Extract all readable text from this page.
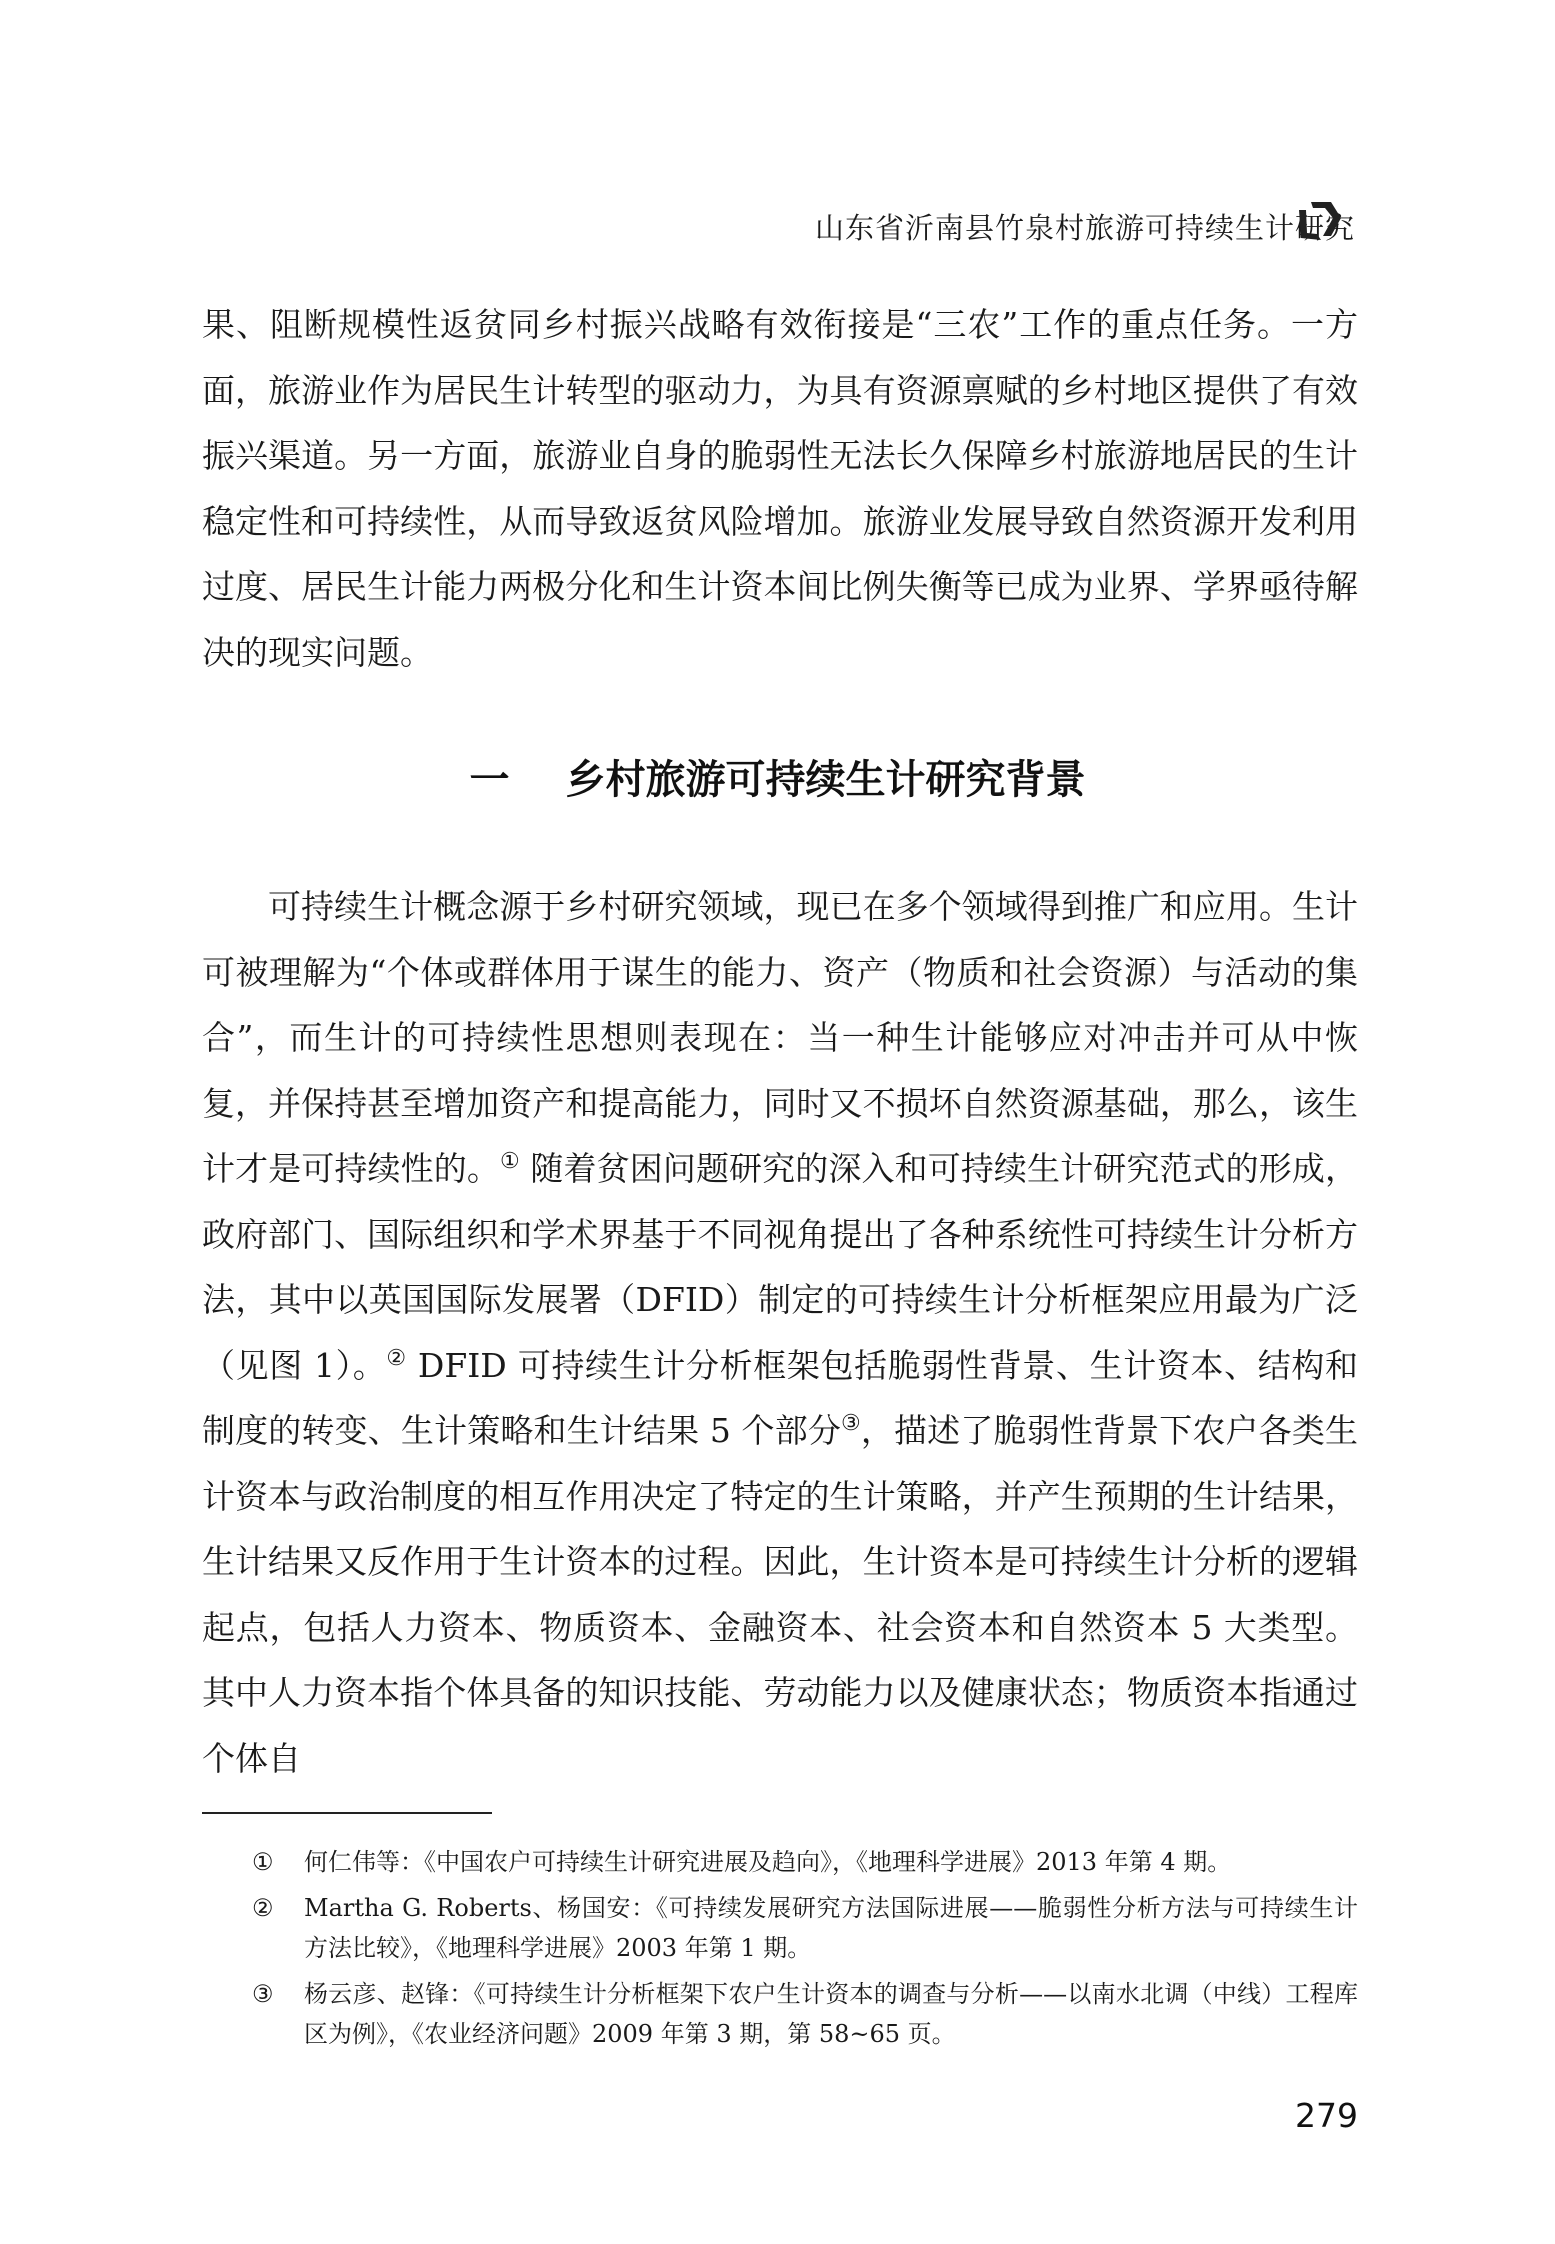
山东省沂南县竹泉村旅游可持续生计研究
果、阻断规模性返贫同乡村振兴战略有效衔接是“三农”工作的重点任务。一方面，旅游业作为居民生计转型的驱动力，为具有资源禀赋的乡村地区提供了有效振兴渠道。另一方面，旅游业自身的脆弱性无法长久保障乡村旅游地居民的生计稳定性和可持续性，从而导致返贫风险增加。旅游业发展导致自然资源开发利用过度、居民生计能力两极分化和生计资本间比例失衡等已成为业界、学界亟待解决的现实问题。
一 乡村旅游可持续生计研究背景
可持续生计概念源于乡村研究领域，现已在多个领域得到推广和应用。生计可被理解为“个体或群体用于谋生的能力、资产（物质和社会资源）与活动的集合”，而生计的可持续性思想则表现在：当一种生计能够应对冲击并可从中恢复，并保持甚至增加资产和提高能力，同时又不损坏自然资源基础，那么，该生计才是可持续性的。① 随着贫困问题研究的深入和可持续生计研究范式的形成，政府部门、国际组织和学术界基于不同视角提出了各种系统性可持续生计分析方法，其中以英国国际发展署（DFID）制定的可持续生计分析框架应用最为广泛（见图 1）。② DFID 可持续生计分析框架包括脆弱性背景、生计资本、结构和制度的转变、生计策略和生计结果 5 个部分③，描述了脆弱性背景下农户各类生计资本与政治制度的相互作用决定了特定的生计策略，并产生预期的生计结果，生计结果又反作用于生计资本的过程。因此，生计资本是可持续生计分析的逻辑起点，包括人力资本、物质资本、金融资本、社会资本和自然资本 5 大类型。其中人力资本指个体具备的知识技能、劳动能力以及健康状态；物质资本指通过个体自
①	何仁伟等：《中国农户可持续生计研究进展及趋向》，《地理科学进展》2013 年第 4 期。
②	Martha G. Roberts、杨国安：《可持续发展研究方法国际进展——脆弱性分析方法与可持续生计方法比较》，《地理科学进展》2003 年第 1 期。
③	杨云彦、赵锋：《可持续生计分析框架下农户生计资本的调查与分析——以南水北调（中线）工程库区为例》，《农业经济问题》2009 年第 3 期，第 58~65 页。
279
